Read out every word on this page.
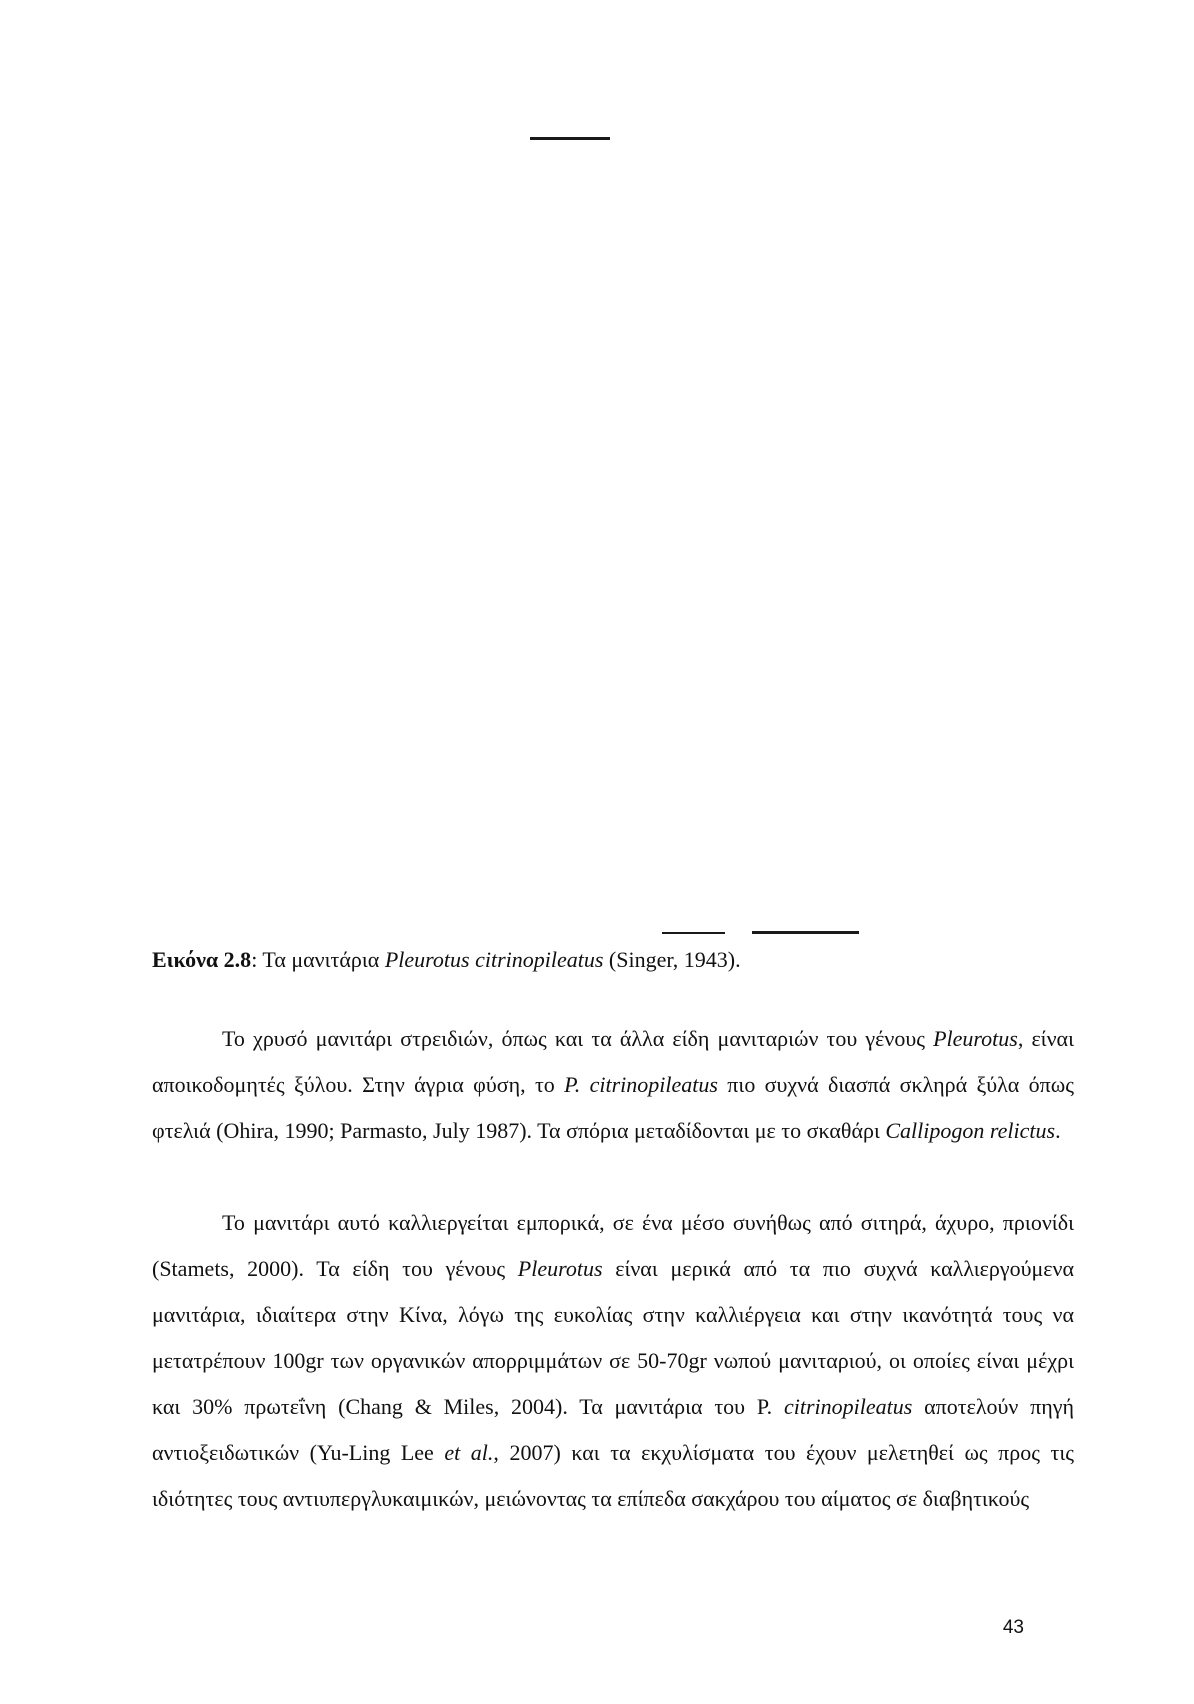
Εικόνα 2.8: Τα μανιτάρια Pleurotus citrinopileatus (Singer, 1943).
Το χρυσό μανιτάρι στρειδιών, όπως και τα άλλα είδη μανιταριών του γένους Pleurotus, είναι αποικοδομητές ξύλου. Στην άγρια φύση, το P. citrinopileatus πιο συχνά διασπά σκληρά ξύλα όπως φτελιά (Ohira, 1990; Parmasto, July 1987). Τα σπόρια μεταδίδονται με το σκαθάρι Callipogon relictus.
Το μανιτάρι αυτό καλλιεργείται εμπορικά, σε ένα μέσο συνήθως από σιτηρά, άχυρο, πριονίδι (Stamets, 2000). Τα είδη του γένους Pleurotus είναι μερικά από τα πιο συχνά καλλιεργούμενα μανιτάρια, ιδιαίτερα στην Κίνα, λόγω της ευκολίας στην καλλιέργεια και στην ικανότητά τους να μετατρέπουν 100gr των οργανικών απορριμμάτων σε 50-70gr νωπού μανιταριού, οι οποίες είναι μέχρι και 30% πρωτεΐνη (Chang & Miles, 2004). Τα μανιτάρια του P. citrinopileatus αποτελούν πηγή αντιοξειδωτικών (Yu-Ling Lee et al., 2007) και τα εκχυλίσματα του έχουν μελετηθεί ως προς τις ιδιότητες τους αντιυπεργλυκαιμικών, μειώνοντας τα επίπεδα σακχάρου του αίματος σε διαβητικούς
43
